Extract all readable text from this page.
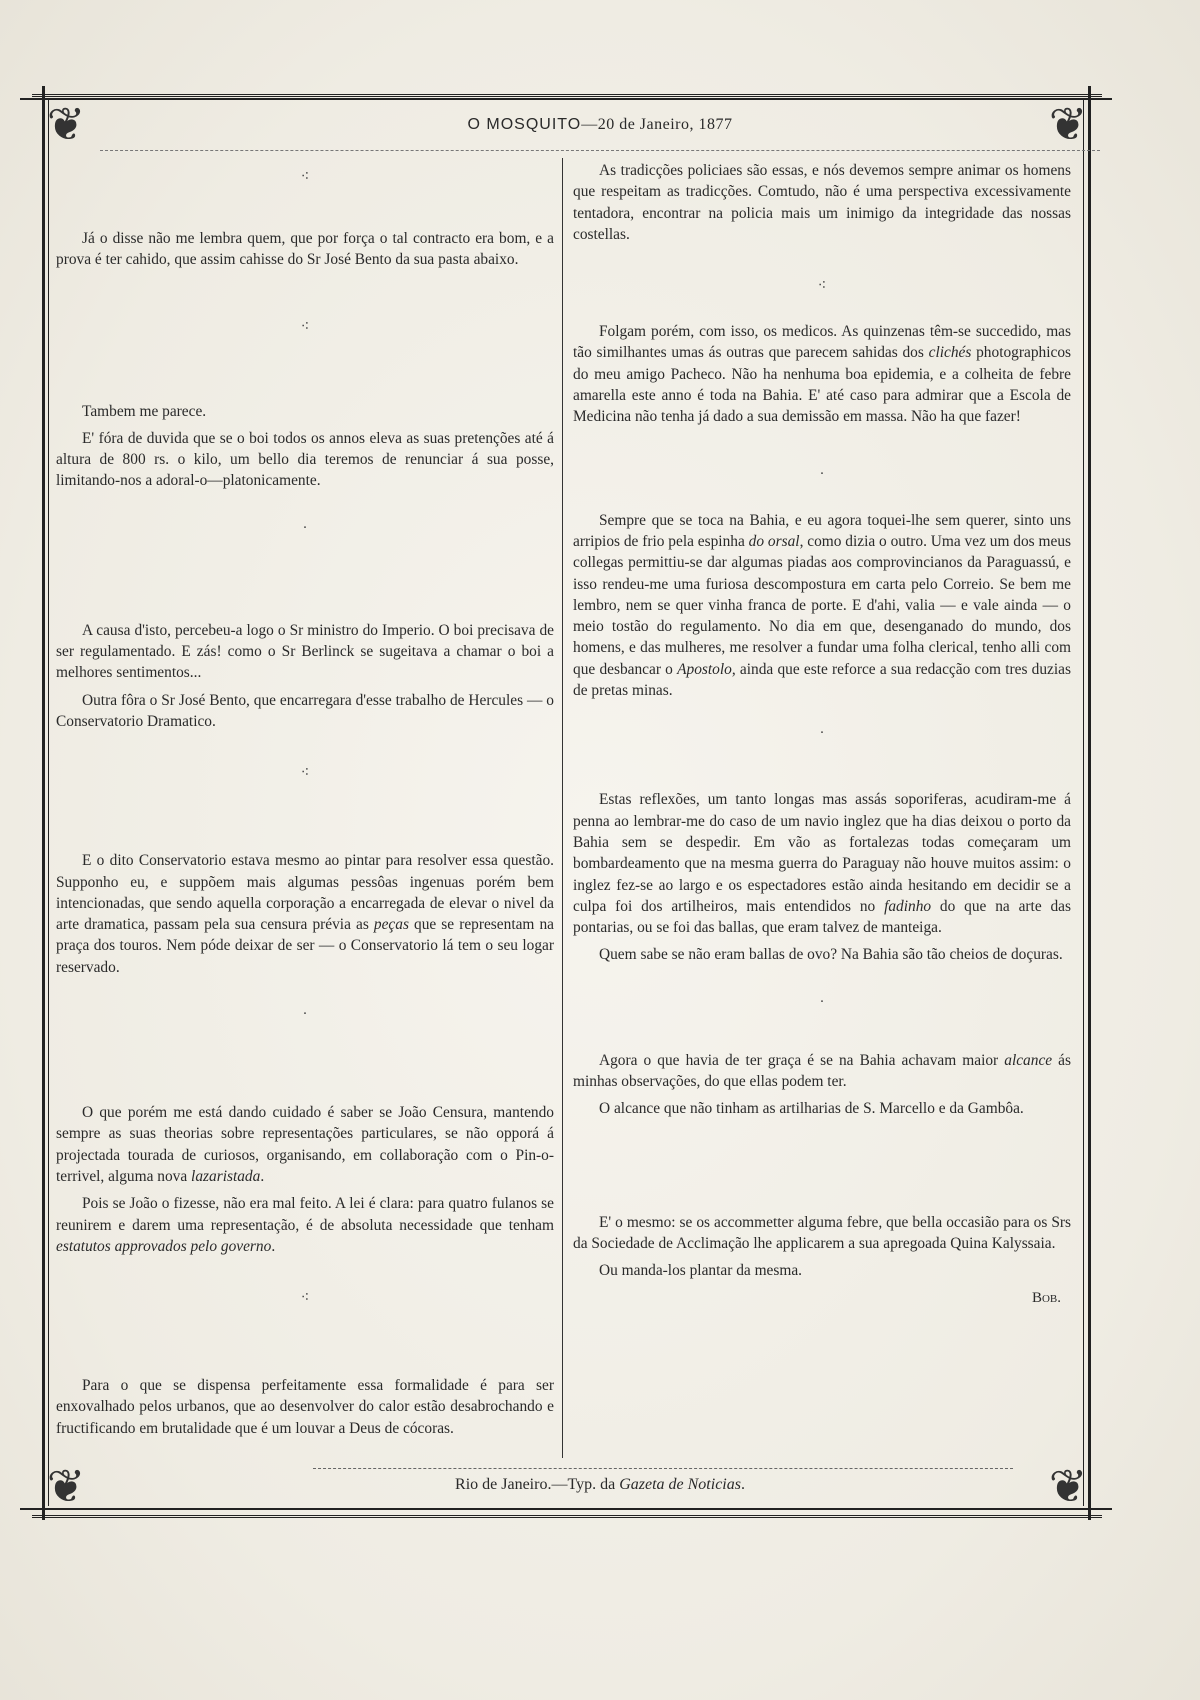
❦	❦
❦	❦
O MOSQUITO—20 de Janeiro, 1877
⁖

Já o disse não me lembra quem, que por força o tal contracto era bom, e a prova é ter cahido, que assim cahisse do Sr José Bento da sua pasta abaixo.

⁖

Tambem me parece.

E' fóra de duvida que se o boi todos os annos eleva as suas pretenções até á altura de 800 rs. o kilo, um bello dia teremos de renunciar á sua posse, limitando-nos a adoral-o—platonicamente.

·

A causa d'isto, percebeu-a logo o Sr ministro do Imperio. O boi precisava de ser regulamentado. E zás! como o Sr Berlinck se sugeitava a chamar o boi a melhores sentimentos...

Outra fôra o Sr José Bento, que encarregara d'esse trabalho de Hercules — o Conservatorio Dramatico.

⁖

E o dito Conservatorio estava mesmo ao pintar para resolver essa questão. Supponho eu, e suppõem mais algumas pessôas ingenuas porém bem intencionadas, que sendo aquella corporação a encarregada de elevar o nivel da arte dramatica, passam pela sua censura prévia as peças que se representam na praça dos touros. Nem póde deixar de ser — o Conservatorio lá tem o seu logar reservado.

·

O que porém me está dando cuidado é saber se João Censura, mantendo sempre as suas theorias sobre representações particulares, se não opporá á projectada tourada de curiosos, organisando, em collaboração com o Pin-o-terrivel, alguma nova lazaristada.

Pois se João o fizesse, não era mal feito. A lei é clara: para quatro fulanos se reunirem e darem uma representação, é de absoluta necessidade que tenham estatutos approvados pelo governo.

⁖

Para o que se dispensa perfeitamente essa formalidade é para ser enxovalhado pelos urbanos, que ao desenvolver do calor estão desabrochando e fructificando em brutalidade que é um louvar a Deus de cócoras.

As tradicções policiaes são essas, e nós devemos sempre animar os homens que respeitam as tradicções. Comtudo, não é uma perspectiva excessivamente tentadora, encontrar na policia mais um inimigo da integridade das nossas costellas.

⁖

Folgam porém, com isso, os medicos. As quinzenas têm-se succedido, mas tão similhantes umas ás outras que parecem sahidas dos clichés photographicos do meu amigo Pacheco. Não ha nenhuma boa epidemia, e a colheita de febre amarella este anno é toda na Bahia. E' até caso para admirar que a Escola de Medicina não tenha já dado a sua demissão em massa. Não ha que fazer!

·

Sempre que se toca na Bahia, e eu agora toquei-lhe sem querer, sinto uns arripios de frio pela espinha do orsal, como dizia o outro. Uma vez um dos meus collegas permittiu-se dar algumas piadas aos comprovincianos da Paraguassú, e isso rendeu-me uma furiosa descompostura em carta pelo Correio. Se bem me lembro, nem se quer vinha franca de porte. E d'ahi, valia — e vale ainda — o meio tostão do regulamento. No dia em que, desenganado do mundo, dos homens, e das mulheres, me resolver a fundar uma folha clerical, tenho alli com que desbancar o Apostolo, ainda que este reforce a sua redacção com tres duzias de pretas minas.

·

Estas reflexões, um tanto longas mas assás soporiferas, acudiram-me á penna ao lembrar-me do caso de um navio inglez que ha dias deixou o porto da Bahia sem se despedir. Em vão as fortalezas todas começaram um bombardeamento que na mesma guerra do Paraguay não houve muitos assim: o inglez fez-se ao largo e os espectadores estão ainda hesitando em decidir se a culpa foi dos artilheiros, mais entendidos no fadinho do que na arte das pontarias, ou se foi das ballas, que eram talvez de manteiga.

Quem sabe se não eram ballas de ovo? Na Bahia são tão cheios de doçuras.

·

Agora o que havia de ter graça é se na Bahia achavam maior alcance ás minhas observações, do que ellas podem ter.

O alcance que não tinham as artilharias de S. Marcello e da Gambôa.

E' o mesmo: se os accommetter alguma febre, que bella occasião para os Srs da Sociedade de Acclimação lhe applicarem a sua apregoada Quina Kalyssaia.

Ou manda-los plantar da mesma.

Bob.
Rio de Janeiro.—Typ. da Gazeta de Noticias.
